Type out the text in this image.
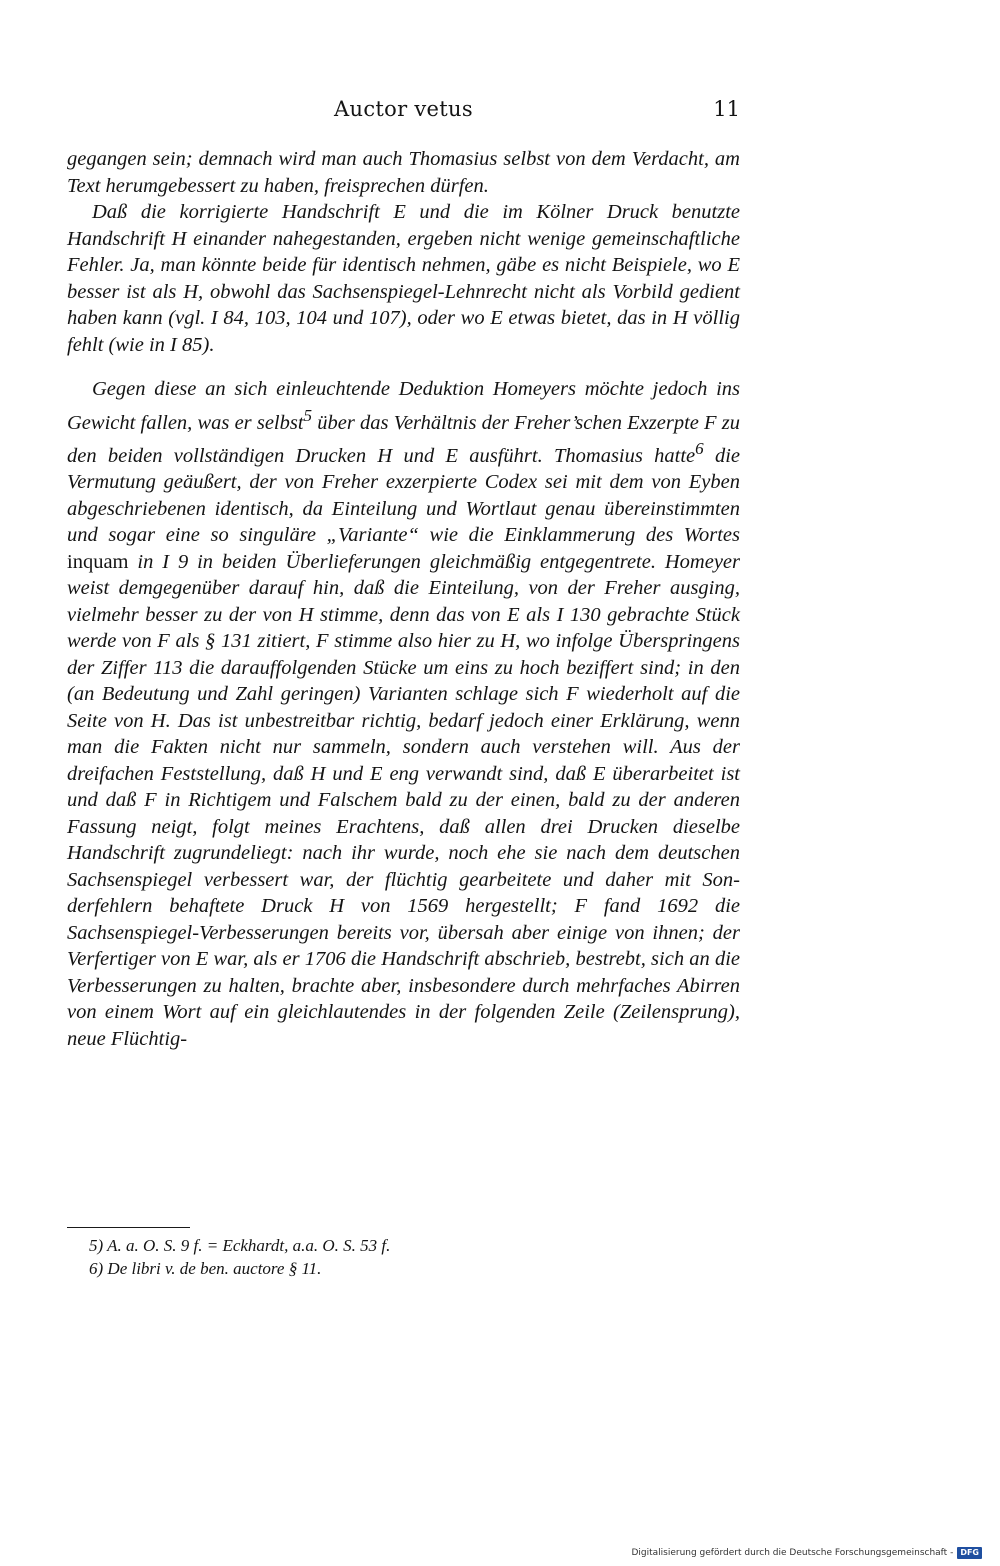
Auctor vetus	11

gegangen sein; demnach wird man auch Thomasius selbst von dem Verdacht, am Text herumgebessert zu haben, freisprechen dürfen.

Daß die korrigierte Handschrift E und die im Kölner Druck benutzte Handschrift H einander nahegestanden, ergeben nicht wenige gemeinschaftliche Fehler. Ja, man könnte beide für identisch nehmen, gäbe es nicht Beispiele, wo E besser ist als H, obwohl das Sachsenspiegel-Lehnrecht nicht als Vorbild gedient haben kann (vgl. I 84, 103, 104 und 107), oder wo E etwas bietet, das in H völlig fehlt (wie in I 85).

Gegen diese an sich einleuchtende Deduktion Homeyers möchte jedoch ins Gewicht fallen, was er selbst$^5$ über das Verhältnis der Freher’schen Exzerpte F zu den beiden vollständigen Drucken H und E ausführt. Thomasius hatte$^6$ die Vermutung geäußert, der von Freher exzerpierte Codex sei mit dem von Eyben abgeschriebenen identisch, da Einteilung und Wortlaut genau übereinstimmten und sogar eine so singuläre „Variante“ wie die Einklammerung des Wortes inquam in I 9 in beiden Überlieferungen gleichmäßig entgegentrete. Homeyer weist demgegenüber darauf hin, daß die Einteilung, von der Freher ausging, vielmehr besser zu der von H stimme, denn das von E als I 130 gebrachte Stück werde von F als § 131 zitiert, F stimme also hier zu H, wo infolge Überspringens der Ziffer 113 die darauffolgenden Stücke um eins zu hoch beziffert sind; in den (an Bedeutung und Zahl geringen) Varianten schlage sich F wiederholt auf die Seite von H. Das ist unbestreitbar richtig, bedarf jedoch einer Erklärung, wenn man die Fakten nicht nur sammeln, sondern auch verstehen will. Aus der dreifachen Feststellung, daß H und E eng verwandt sind, daß E überarbeitet ist und daß F in Richtigem und Falschem bald zu der einen, bald zu der anderen Fassung neigt, folgt meines Erachtens, daß allen drei Drucken dieselbe Handschrift zugrundeliegt: nach ihr wurde, noch ehe sie nach dem deutschen Sachsenspiegel verbessert war, der flüchtig gearbeitete und daher mit Sonderfehlern behaftete Druck H von 1569 hergestellt; F fand 1692 die Sachsenspiegel-Verbesserungen bereits vor, übersah aber einige von ihnen; der Verfertiger von E war, als er 1706 die Handschrift abschrieb, bestrebt, sich an die Verbesserungen zu halten, brachte aber, insbesondere durch mehrfaches Abirren von einem Wort auf ein gleichlautendes in der folgenden Zeile (Zeilensprung), neue Flüchtig-

5) A. a. O. S. 9 f. = Eckhardt, a.a. O. S. 53 f.
6) De libri v. de ben. auctore § 11.
Digitalisierung gefördert durch die Deutsche Forschungsgemeinschaft - DFG
